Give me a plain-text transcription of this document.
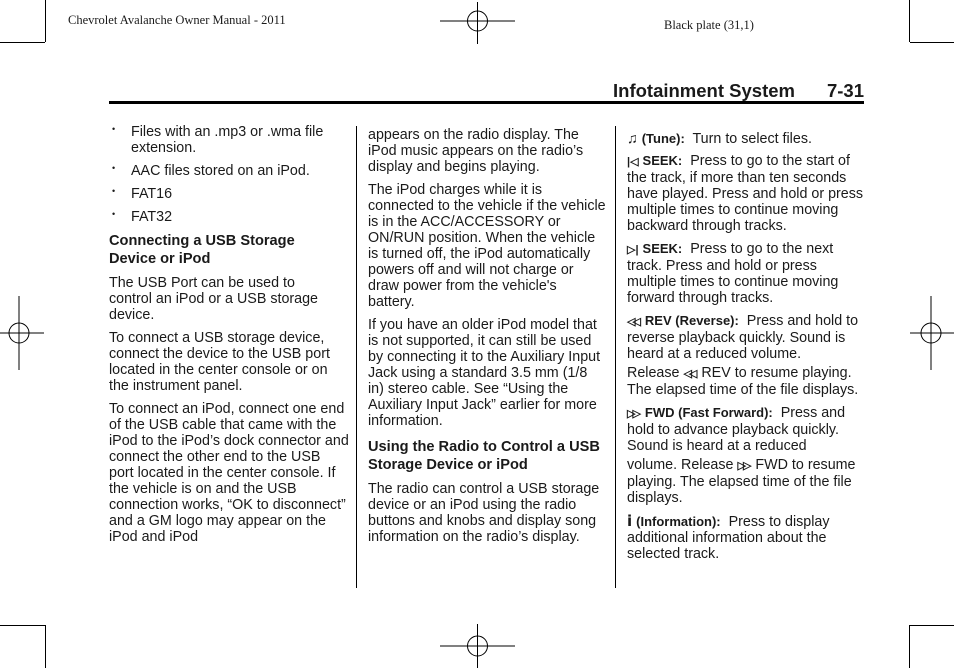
Chevrolet Avalanche Owner Manual - 2011	Black plate (31,1)
Infotainment System 7-31
• Files with an .mp3 or .wma file extension.

• AAC files stored on an iPod.

• FAT16

• FAT32

Connecting a USB Storage Device or iPod

The USB Port can be used to control an iPod or a USB storage device.

To connect a USB storage device, connect the device to the USB port located in the center console or on the instrument panel.

To connect an iPod, connect one end of the USB cable that came with the iPod to the iPod’s dock connector and connect the other end to the USB port located in the center console. If the vehicle is on and the USB connection works, “OK to disconnect” and a GM logo may appear on the iPod and iPod

appears on the radio display. The iPod music appears on the radio’s display and begins playing.

The iPod charges while it is connected to the vehicle if the vehicle is in the ACC/ACCESSORY or ON/RUN position. When the vehicle is turned off, the iPod automatically powers off and will not charge or draw power from the vehicle's battery.

If you have an older iPod model that is not supported, it can still be used by connecting it to the Auxiliary Input Jack using a standard 3.5 mm (1/8 in) stereo cable. See “Using the Auxiliary Input Jack” earlier for more information.

Using the Radio to Control a USB Storage Device or iPod

The radio can control a USB storage device or an iPod using the radio buttons and knobs and display song information on the radio’s display.

♫ (Tune): Turn to select files.

|◁ SEEK: Press to go to the start of the track, if more than ten seconds have played. Press and hold or press multiple times to continue moving backward through tracks.

▷| SEEK: Press to go to the next track. Press and hold or press multiple times to continue moving forward through tracks.

◁◁ REV (Reverse): Press and hold to reverse playback quickly. Sound is heard at a reduced volume.

Release ◁◁ REV to resume playing. The elapsed time of the file displays.

▷▷ FWD (Fast Forward): Press and hold to advance playback quickly. Sound is heard at a reduced

volume. Release ▷▷ FWD to resume playing. The elapsed time of the file displays.

i (Information): Press to display additional information about the selected track.
